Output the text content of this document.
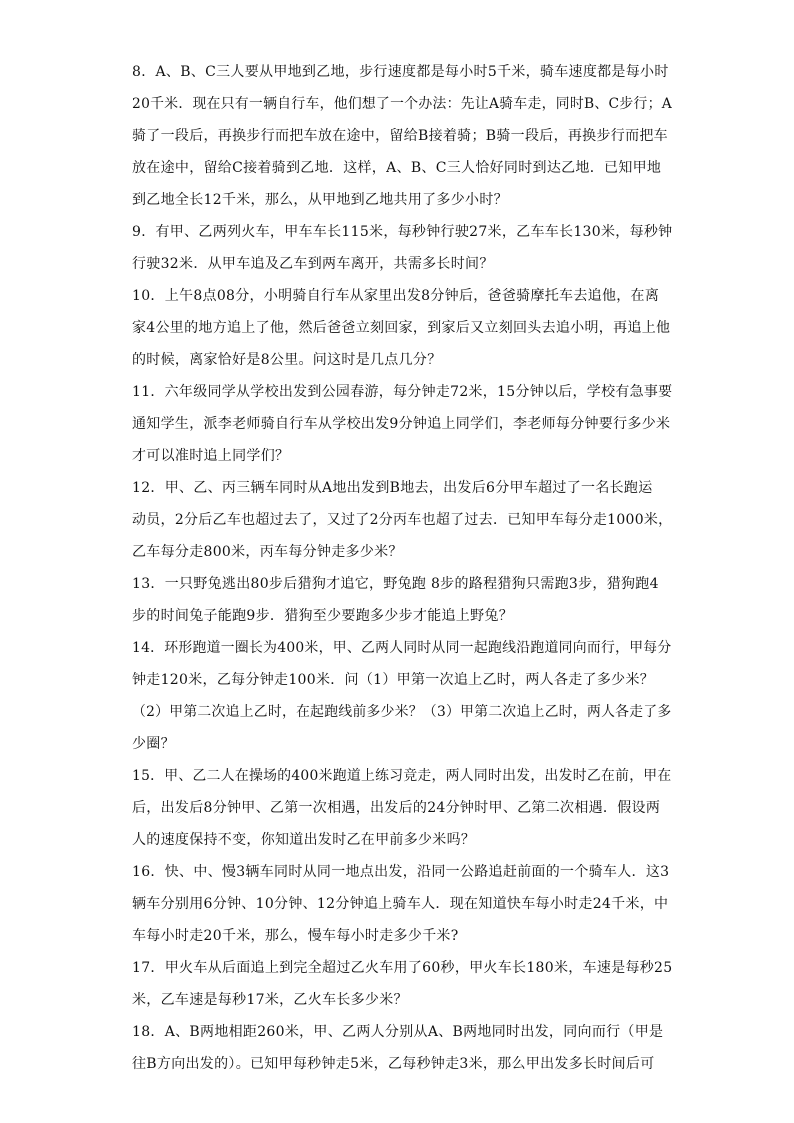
8．A、B、C三人要从甲地到乙地，步行速度都是每小时5千米，骑车速度都是每小时
20千米．现在只有一辆自行车，他们想了一个办法：先让A骑车走，同时B、C步行；A
骑了一段后，再换步行而把车放在途中，留给B接着骑；B骑一段后，再换步行而把车
放在途中，留给C接着骑到乙地．这样，A、B、C三人恰好同时到达乙地．已知甲地
到乙地全长12千米，那么，从甲地到乙地共用了多少小时？
9．有甲、乙两列火车，甲车车长115米，每秒钟行驶27米，乙车车长130米，每秒钟
行驶32米．从甲车追及乙车到两车离开，共需多长时间？
10．上午8点08分，小明骑自行车从家里出发8分钟后，爸爸骑摩托车去追他，在离
家4公里的地方追上了他，然后爸爸立刻回家，到家后又立刻回头去追小明，再追上他
的时候，离家恰好是8公里。问这时是几点几分？
11．六年级同学从学校出发到公园春游，每分钟走72米，15分钟以后，学校有急事要
通知学生，派李老师骑自行车从学校出发9分钟追上同学们，李老师每分钟要行多少米
才可以准时追上同学们？
12．甲、乙、丙三辆车同时从A地出发到B地去，出发后6分甲车超过了一名长跑运
动员，2分后乙车也超过去了，又过了2分丙车也超了过去．已知甲车每分走1000米，
乙车每分走800米，丙车每分钟走多少米？
13．一只野兔逃出80步后猎狗才追它，野兔跑 8步的路程猎狗只需跑3步，猎狗跑4
步的时间兔子能跑9步．猎狗至少要跑多少步才能追上野兔？
14．环形跑道一圈长为400米，甲、乙两人同时从同一起跑线沿跑道同向而行，甲每分
钟走120米，乙每分钟走100米．问（1）甲第一次追上乙时，两人各走了多少米？
（2）甲第二次追上乙时，在起跑线前多少米？（3）甲第二次追上乙时，两人各走了多
少圈？
15．甲、乙二人在操场的400米跑道上练习竞走，两人同时出发，出发时乙在前，甲在
后，出发后8分钟甲、乙第一次相遇，出发后的24分钟时甲、乙第二次相遇．假设两
人的速度保持不变，你知道出发时乙在甲前多少米吗？
16．快、中、慢3辆车同时从同一地点出发，沿同一公路追赶前面的一个骑车人．这3
辆车分别用6分钟、10分钟、12分钟追上骑车人．现在知道快车每小时走24千米，中
车每小时走20千米，那么，慢车每小时走多少千米?
17．甲火车从后面追上到完全超过乙火车用了60秒，甲火车长180米，车速是每秒25
米，乙车速是每秒17米，乙火车长多少米？
18．A、B两地相距260米，甲、乙两人分别从A、B两地同时出发，同向而行（甲是
往B方向出发的）。已知甲每秒钟走5米，乙每秒钟走3米，那么甲出发多长时间后可
